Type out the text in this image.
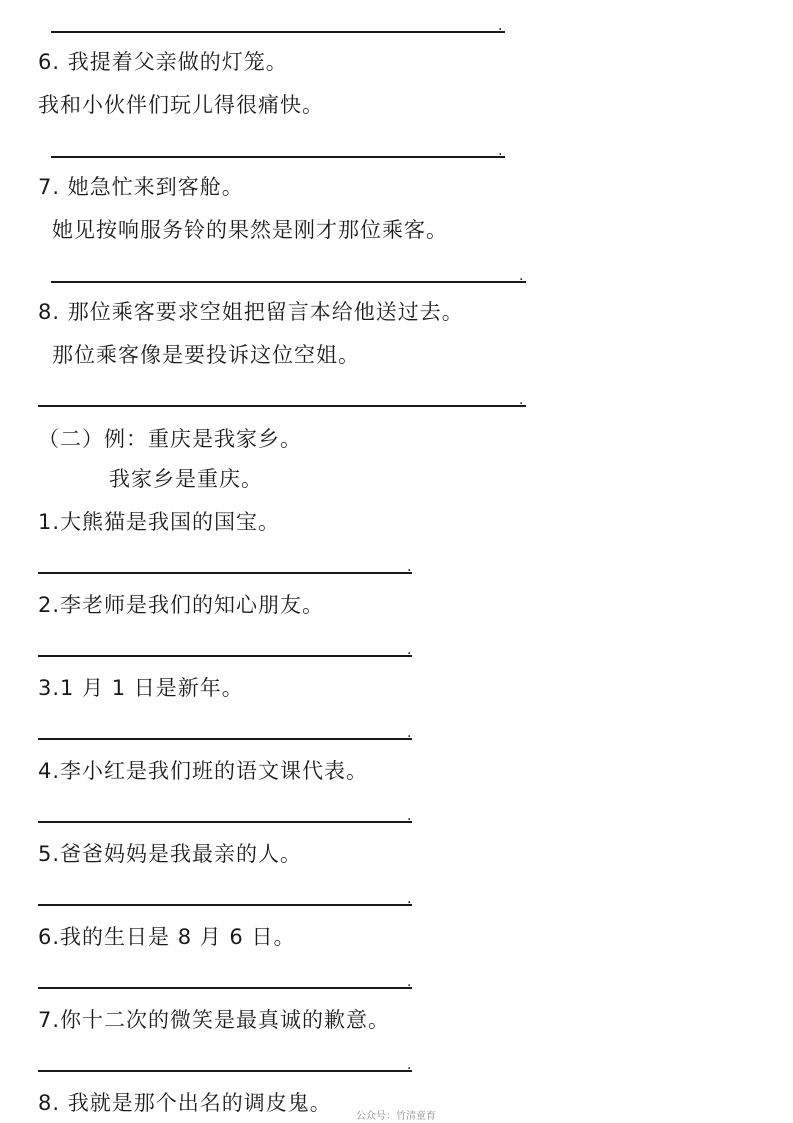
.
6. 我提着父亲做的灯笼。
我和小伙伴们玩儿得很痛快。
.
7. 她急忙来到客舱。
她见按响服务铃的果然是刚才那位乘客。
.
8. 那位乘客要求空姐把留言本给他送过去。
那位乘客像是要投诉这位空姐。
.
（二）例：重庆是我家乡。
我家乡是重庆。
1.大熊猫是我国的国宝。
.
2.李老师是我们的知心朋友。
.
3.1 月 1 日是新年。
.
4.李小红是我们班的语文课代表。
.
5.爸爸妈妈是我最亲的人。
.
6.我的生日是 8 月 6 日。
.
7.你十二次的微笑是最真诚的歉意。
.
8. 我就是那个出名的调皮鬼。
公众号：竹清童育
